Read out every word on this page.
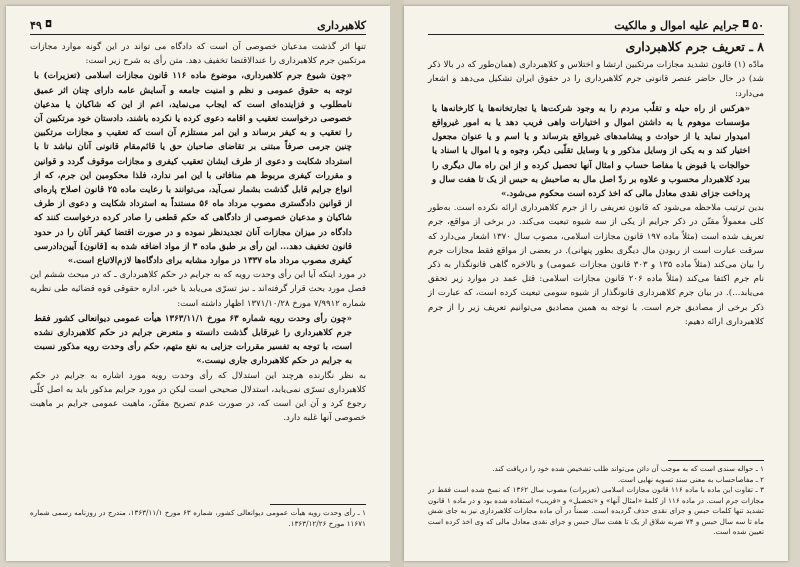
کلاهبرداری
◘
۴۹

تنها اثر گذشت مدعیان خصوصی آن است که دادگاه می تواند در این گونه موارد مجازات مرتکبین جرم کلاهبرداری را عندالاقتضا تخفیف دهد. متن رأی به شرح زیر است:

«چون شیوع جرم کلاهبرداری، موضوع ماده ۱۱۶ قانون مجازات اسلامی (تعزیرات) با توجه به حقوق عمومی و نظم و امنیت جامعه و آسایش عامه دارای چنان اثر عمیق نامطلوب و فزاینده‌ای است که ایجاب می‌نماید، اعم از این که شاکیان یا مدعیان خصوصی درخواست تعقیب و اقامه دعوی کرده یا نکرده باشند، دادستان خود مرتکبین آن را تعقیب و به کیفر برساند و این امر مستلزم آن است که تعقیب و مجازات مرتکبین چنین جرمی صرفاً مبتنی بر تقاضای صاحبان حق یا قائم‌مقام قانونی آنان نباشد تا با استرداد شکایت و دعوی از طرف ایشان تعقیب کیفری و مجازات موقوف گردد و قوانین و مقررات کیفری مربوط هم منافاتی با این امر ندارد، فلذا محکومین این جرم، که از انواع جرایم قابل گذشت بشمار نمی‌آید، می‌توانند با رعایت ماده ۲۵ قانون اصلاح پاره‌ای از قوانین دادگستری مصوب مرداد ماه ۵۶ مستنداً به استرداد شکایت و دعوی از طرف شاکیان و مدعیان خصوصی از دادگاهی که حکم قطعی را صادر کرده درخواست کنند که دادگاه در میزان مجازات آنان تجدیدنظر نموده و در صورت اقتضا کیفر آنان را در حدود قانون تخفیف دهد... این رأی بر طبق ماده ۳ از مواد اضافه شده به [قانون] آیین‌دادرسی کیفری مصوب مرداد ماه ۱۳۳۷ در موارد مشابه برای دادگاه‌ها لازم‌الاتباع است.»

در مورد اینکه آیا این رأی وحدت رویه که به جرایم در حکم کلاهبرداری ـ که در مبحث ششم این فصل مورد بحث قرار گرفته‌اند ـ نیز تسرّی می‌یابد یا خیر، اداره حقوقی قوه قضائیه طی نظریه شماره ۷/۹۹۱۲ مورخ ۱۳۷۱/۱۰/۲۸ اظهار داشته است:

«چون رأی وحدت رویه شماره ۶۳ مورخ ۱۳۶۳/۱۱/۱ هیأت عمومی دیوانعالی کشور فقط جرم کلاهبرداری را غیرقابل گذشت دانسته و متعرض جرایم در حکم کلاهبرداری نشده است، با توجه به تفسیر مقررات جزایی به نفع متهم، حکم رأی وحدت رویه مذکور نسبت به جرایم در حکم کلاهبرداری جاری نیست.»

به نظر نگارنده هرچند این استدلال که رأی وحدت رویه مورد اشاره به جرایم در حکم کلاهبرداری تسرّی نمی‌یابد، استدلال صحیحی است لیکن در مورد جرایم مذکور باید به اصل کلّی رجوع کرد و آن این است که، در صورت عدم تصریح مقنّن، ماهیت عمومی جرایم بر ماهیت خصوصی آنها غلبه دارد.

۱ ـ رأی وحدت رویه هیأت عمومی دیوانعالی کشور، شماره ۶۳ مورخ ۱۳۶۳/۱۱/۱، مندرج در روزنامه رسمی شماره ۱۱۶۷۱ مورخ ۱۳۶۳/۱۲/۲۶.

۵۰
◘
جرایم علیه اموال و مالکیت
۸ ـ تعریف جرم کلاهبرداری

مادّه (۱) قانون تشدید مجازات مرتکبین ارتشا و اختلاس و کلاهبرداری (همان‌طور که در بالا ذکر شد) در حال حاضر عنصر قانونی جرم کلاهبرداری را در حقوق ایران تشکیل می‌دهد و اشعار می‌دارد:

«هرکس از راه حیله و تقلّب مردم را به وجود شرکت‌ها یا تجارتخانه‌ها یا کارخانه‌ها یا مؤسسات موهوم یا به داشتن اموال و اختیارات واهی فریب دهد یا به امور غیرواقع امیدوار نماید یا از حوادث و پیشامدهای غیرواقع بترساند و یا اسم و یا عنوان مجعول اختیار کند و به یکی از وسایل مذکور و یا وسایل تقلّبی دیگر، وجوه و یا اموال یا اسناد یا حوالجات یا قبوض یا مفاصا حساب و امثال آنها تحصیل کرده و از این راه مال دیگری را ببرد کلاهبردار محسوب و علاوه بر ردّ اصل مال به صاحبش به حبس از یک تا هفت سال و پرداخت جزای نقدی معادل مالی که اخذ کرده است محکوم می‌شود.»

بدین ترتیب ملاحظه می‌شود که قانون تعریفی را از جرم کلاهبرداری ارائه نکرده است. به‌طور کلی معمولاً مقنّن در ذکر جرایم از یکی از سه شیوه تبعیت می‌کند. در برخی از مواقع، جرم تعریف شده است (مثلاً ماده ۱۹۷ قانون مجازات اسلامی، مصوب سال ۱۳۷۰ اشعار می‌دارد که سرقت عبارت است از ربودن مال دیگری بطور پنهانی). در بعضی از مواقع فقط مجازات جرم را بیان می‌کند (مثلاً ماده ۱۳۵ و ۳۰۳ قانون مجازات عمومی) و بالاخره گاهی قانونگذار به ذکر نام جرم اکتفا می‌کند (مثلاً ماده ۲۰۶ قانون مجازات اسلامی: قتل عمد در موارد زیر تحقق می‌یابد...). در بیان جرم کلاهبرداری قانونگذار از شیوه سومی تبعیت کرده است، که عبارت از ذکر برخی از مصادیق جرم است. با توجه به همین مصادیق می‌توانیم تعریف زیر را از جرم کلاهبرداری ارائه دهیم:

۱ ـ حواله سندی است که به موجب آن دائن می‌تواند طلب تشخیص شده خود را دریافت کند.

۲ ـ مفاصا‌حساب به معنی سند تسویه نهایی است.

۳ ـ تفاوت این ماده با ماده ۱۱۶ قانون مجازات اسلامی (تعزیرات) مصوب سال ۱۳۶۲ که نسخ شده است فقط در مجازات جرم است. در ماده ۱۱۶ از کلمهٔ «امثال آنها» و «تحصیل» و «فریب» استفاده شده بود و در ماده ۱ قانون تشدید تنها کلمات حبس و جزای نقدی حذف گردیده است. ضمناً در آن ماده مجازات کلاهبرداری نیز به جای شش ماه تا سه سال حبس و ۷۴ ضربه شلاق از یک تا هفت سال حبس و جزای نقدی معادل مالی که وی اخذ کرده است تعیین شده است.
